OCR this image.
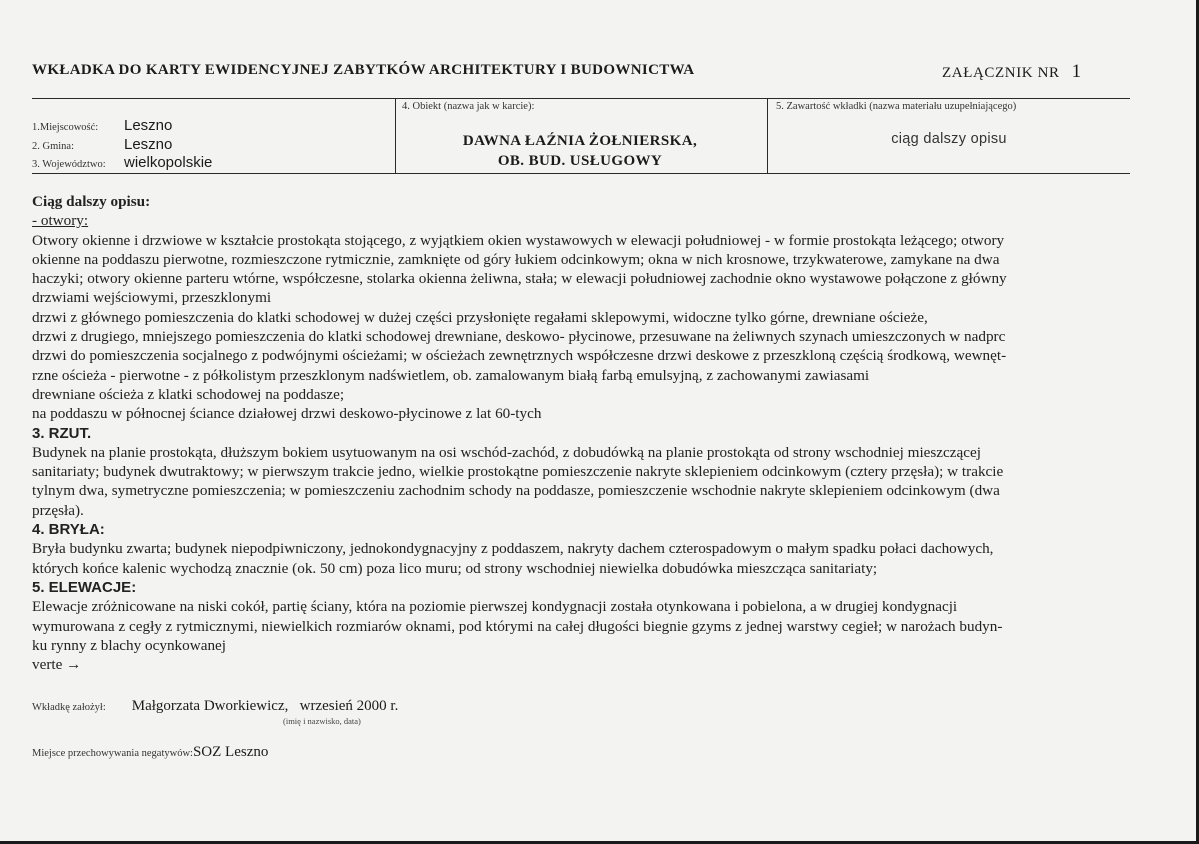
WKŁADKA DO KARTY EWIDENCYJNEJ ZABYTKÓW ARCHITEKTURY I BUDOWNICTWA	ZAŁĄCZNIK NR 1
1.Miejscowość: Leszno
2. Gmina:	Leszno
3. Województwo: wielkopolskie
4. Obiekt (nazwa jak w karcie):
DAWNA ŁAŹNIA ŻOŁNIERSKA,
OB. BUD. USŁUGOWY
5. Zawartość wkładki (nazwa materiału uzupełniającego)
ciąg dalszy opisu
Ciąg dalszy opisu:
- otwory:
Otwory okienne i drzwiowe w kształcie prostokąta stojącego, z wyjątkiem okien wystawowych w elewacji południowej - w formie prostokąta leżącego; otwory
okienne na poddaszu pierwotne, rozmieszczone rytmicznie, zamknięte od góry łukiem odcinkowym; okna w nich krosnowe, trzykwaterowe, zamykane na dwa
haczyki; otwory okienne parteru wtórne, współczesne, stolarka okienna żeliwna, stała; w elewacji południowej zachodnie okno wystawowe połączone z główny
drzwiami wejściowymi, przeszklonymi
drzwi z głównego pomieszczenia do klatki schodowej w dużej części przysłonięte regałami sklepowymi, widoczne tylko górne, drewniane ościeże,
drzwi z drugiego, mniejszego pomieszczenia do klatki schodowej drewniane, deskowo- płycinowe, przesuwane na żeliwnych szynach umieszczonych w nadprc
drzwi do pomieszczenia socjalnego z podwójnymi ościeżami; w ościeżach zewnętrznych współczesne drzwi deskowe z przeszkloną częścią środkową, wewnęt-
rzne ościeża - pierwotne - z półkolistym przeszklonym nadświetlem, ob. zamalowanym białą farbą emulsyjną, z zachowanymi zawiasami
drewniane ościeża z klatki schodowej na poddasze;
na poddaszu w północnej ściance działowej drzwi deskowo-płycinowe z lat 60-tych
3. RZUT.
Budynek na planie prostokąta, dłuższym bokiem usytuowanym na osi wschód-zachód, z dobudówką na planie prostokąta od strony wschodniej mieszczącej
sanitariaty; budynek dwutraktowy; w pierwszym trakcie jedno, wielkie prostokątne pomieszczenie nakryte sklepieniem odcinkowym (cztery przęsła); w trakcie
tylnym dwa, symetryczne pomieszczenia; w pomieszczeniu zachodnim schody na poddasze, pomieszczenie wschodnie nakryte sklepieniem odcinkowym (dwa
przęsła).
4. BRYŁA:
Bryła budynku zwarta; budynek niepodpiwniczony, jednokondygnacyjny z poddaszem, nakryty dachem czterospadowym o małym spadku połaci dachowych,
których końce kalenic wychodzą znacznie (ok. 50 cm) poza lico muru; od strony wschodniej niewielka dobudówka mieszcząca sanitariaty;
5. ELEWACJE:
Elewacje zróżnicowane na niski cokół, partię ściany, która na poziomie pierwszej kondygnacji została otynkowana i pobielona, a w drugiej kondygnacji
wymurowana z cegły z rytmicznymi, niewielkich rozmiarów oknami, pod którymi na całej długości biegnie gzyms z jednej warstwy cegieł; w narożach budyn-
ku rynny z blachy ocynkowanej
verte →
Wkładkę założył: Małgorzata Dworkiewicz,   wrzesień 2000 r.
(imię i nazwisko, data)
Miejsce przechowywania negatywów:SOZ Leszno
